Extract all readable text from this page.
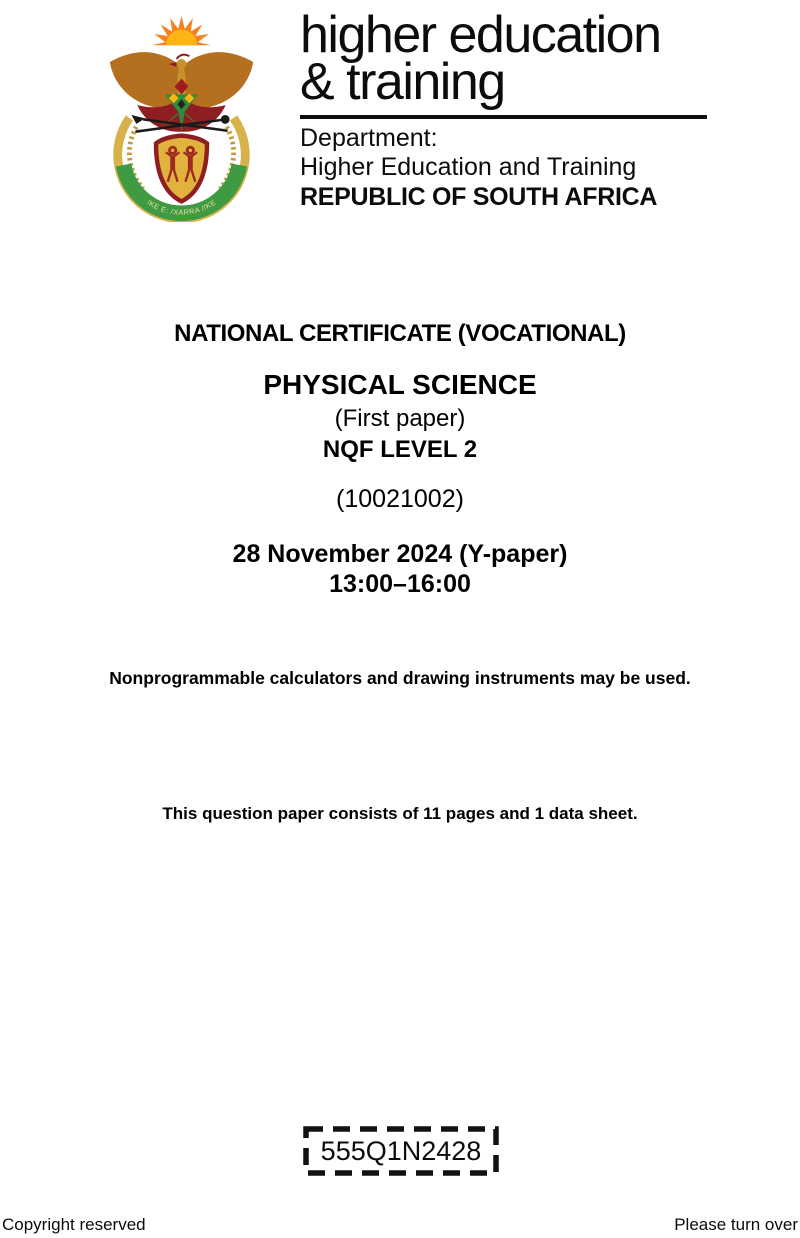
!KE E: /XARRA //KE
higher education
& training
Department:
Higher Education and Training
REPUBLIC OF SOUTH AFRICA
NATIONAL CERTIFICATE (VOCATIONAL)
PHYSICAL SCIENCE
(First paper)
NQF LEVEL 2
(10021002)
28 November 2024 (Y-paper)
13:00–16:00
Nonprogrammable calculators and drawing instruments may be used.
This question paper consists of 11 pages and 1 data sheet.
555Q1N2428
Copyright reserved	Please turn over
